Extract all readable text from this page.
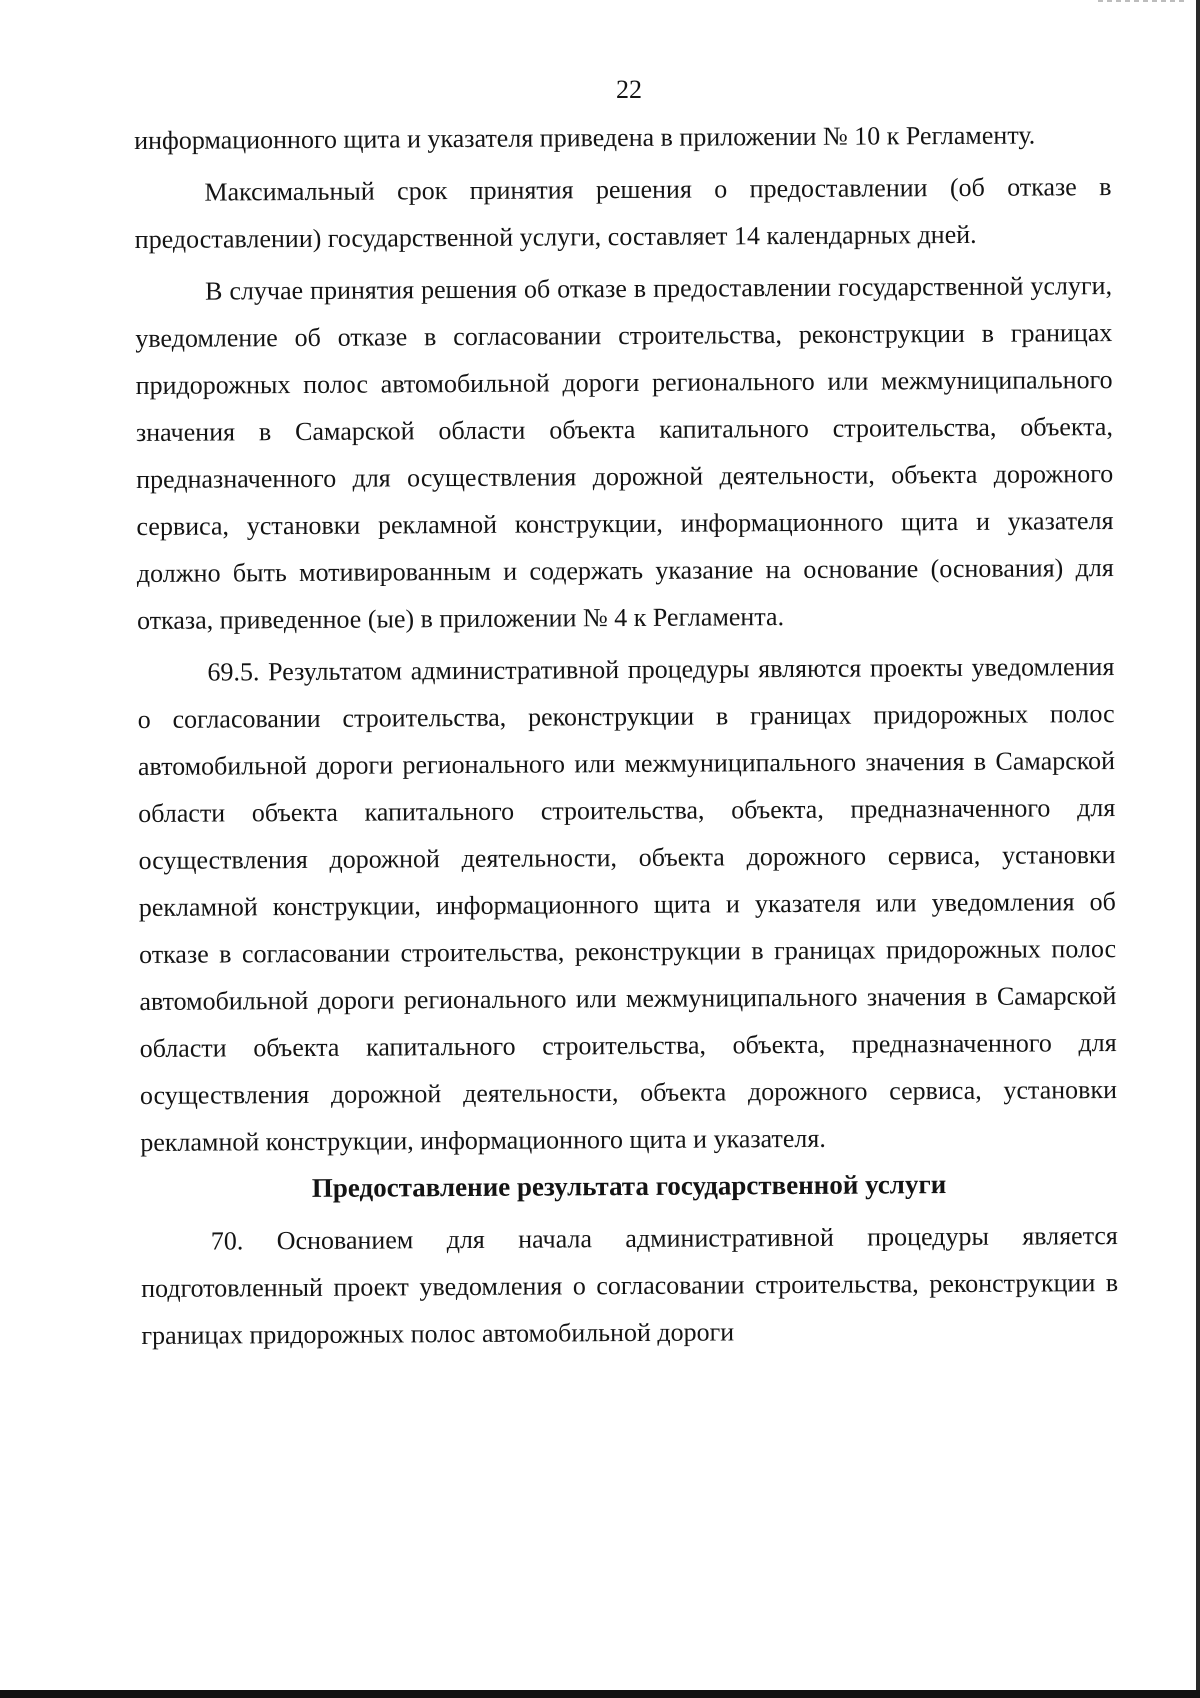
22

информационного щита и указателя приведена в приложении № 10 к Регламенту.

Максимальный срок принятия решения о предоставлении (об отказе в предоставлении) государственной услуги, составляет 14 календарных дней.

В случае принятия решения об отказе в предоставлении государственной услуги, уведомление об отказе в согласовании строительства, реконструкции в границах придорожных полос автомобильной дороги регионального или межмуниципального значения в Самарской области объекта капитального строительства, объекта, предназначенного для осуществления дорожной деятельности, объекта дорожного сервиса, установки рекламной конструкции, информационного щита и указателя должно быть мотивированным и содержать указание на основание (основания) для отказа, приведенное (ые) в приложении № 4 к Регламента.

69.5. Результатом административной процедуры являются проекты уведомления о согласовании строительства, реконструкции в границах придорожных полос автомобильной дороги регионального или межмуниципального значения в Самарской области объекта капитального строительства, объекта, предназначенного для осуществления дорожной деятельности, объекта дорожного сервиса, установки рекламной конструкции, информационного щита и указателя или уведомления об отказе в согласовании строительства, реконструкции в границах придорожных полос автомобильной дороги регионального или межмуниципального значения в Самарской области объекта капитального строительства, объекта, предназначенного для осуществления дорожной деятельности, объекта дорожного сервиса, установки рекламной конструкции, информационного щита и указателя.

Предоставление результата государственной услуги

70. Основанием для начала административной процедуры является подготовленный проект уведомления о согласовании строительства, реконструкции в границах придорожных полос автомобильной дороги
